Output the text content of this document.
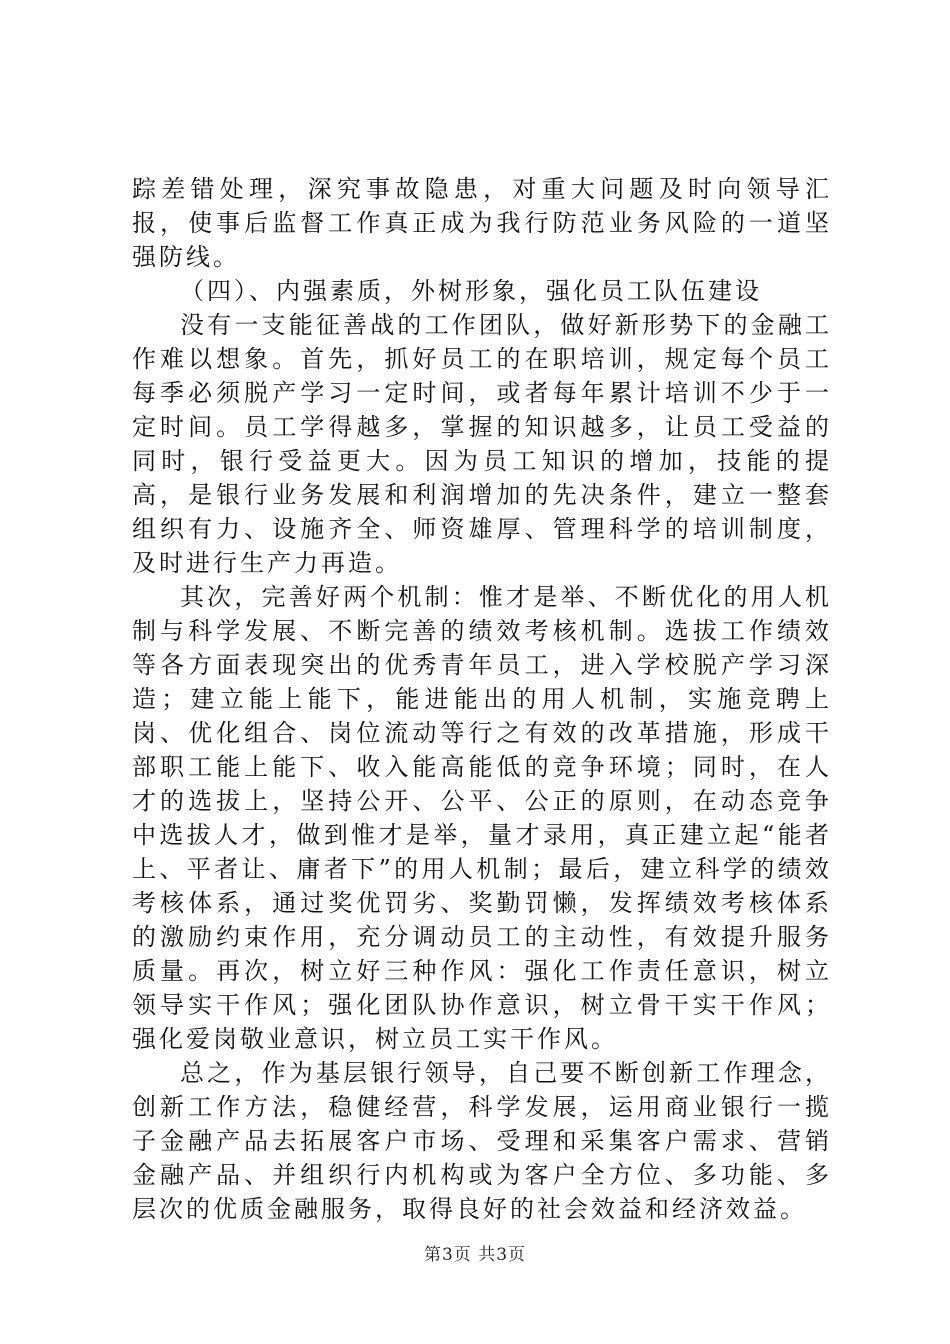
踪差错处理，深究事故隐患，对重大问题及时向领导汇报，使事后监督工作真正成为我行防范业务风险的一道坚强防线。

（四）、内强素质，外树形象，强化员工队伍建设

没有一支能征善战的工作团队，做好新形势下的金融工作难以想象。首先，抓好员工的在职培训，规定每个员工每季必须脱产学习一定时间，或者每年累计培训不少于一定时间。员工学得越多，掌握的知识越多，让员工受益的同时，银行受益更大。因为员工知识的增加，技能的提高，是银行业务发展和利润增加的先决条件，建立一整套组织有力、设施齐全、师资雄厚、管理科学的培训制度，及时进行生产力再造。

其次，完善好两个机制：惟才是举、不断优化的用人机制与科学发展、不断完善的绩效考核机制。选拔工作绩效等各方面表现突出的优秀青年员工，进入学校脱产学习深造；建立能上能下，能进能出的用人机制，实施竞聘上岗、优化组合、岗位流动等行之有效的改革措施，形成干部职工能上能下、收入能高能低的竞争环境；同时，在人才的选拔上，坚持公开、公平、公正的原则，在动态竞争中选拔人才，做到惟才是举，量才录用，真正建立起“能者上、平者让、庸者下”的用人机制；最后，建立科学的绩效考核体系，通过奖优罚劣、奖勤罚懒，发挥绩效考核体系的激励约束作用，充分调动员工的主动性，有效提升服务质量。再次，树立好三种作风：强化工作责任意识，树立领导实干作风；强化团队协作意识，树立骨干实干作风；强化爱岗敬业意识，树立员工实干作风。

总之，作为基层银行领导，自己要不断创新工作理念，创新工作方法，稳健经营，科学发展，运用商业银行一揽子金融产品去拓展客户市场、受理和采集客户需求、营销金融产品、并组织行内机构或为客户全方位、多功能、多层次的优质金融服务，取得良好的社会效益和经济效益。

第3页 共3页
